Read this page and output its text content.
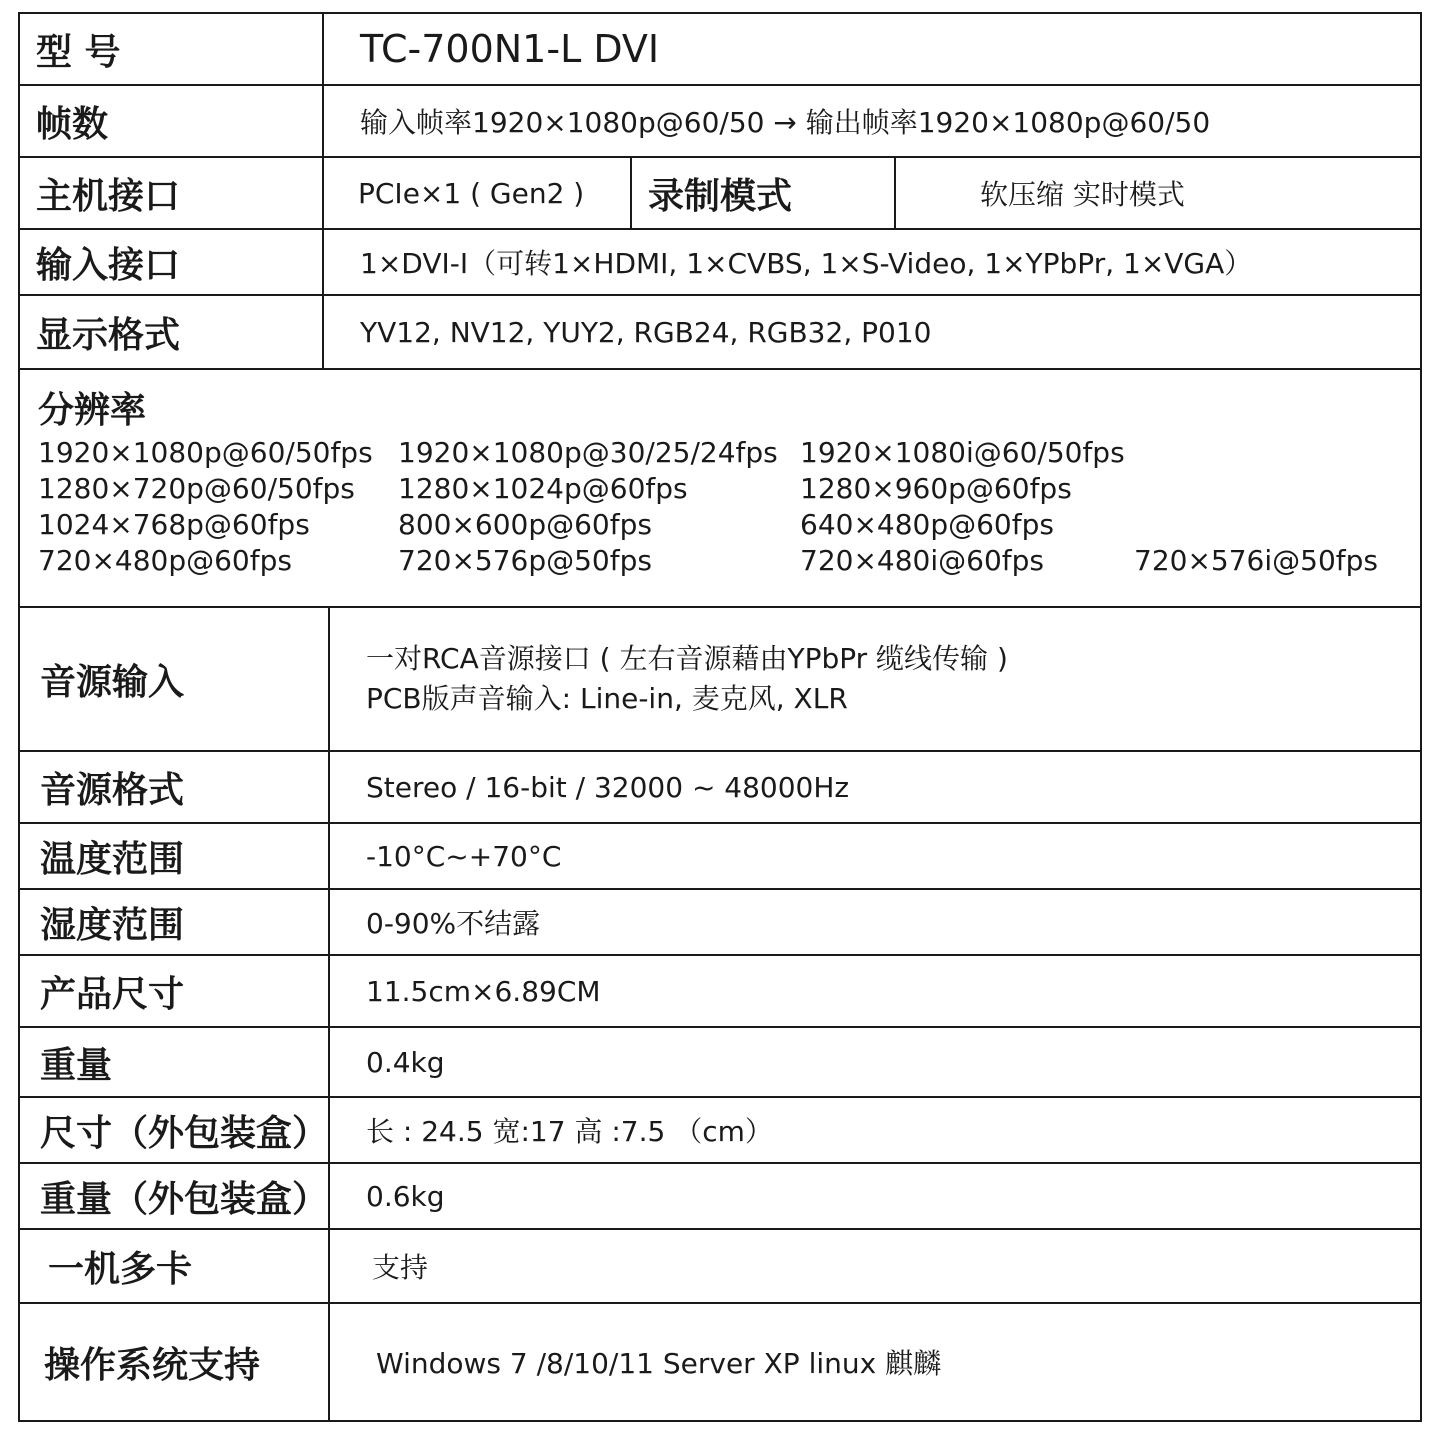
型 号	TC-700N1-L DVI
帧数	输入帧率1920×1080p@60/50 → 输出帧率1920×1080p@60/50
主机接口	PCIe×1 ( Gen2 )	录制模式	软压缩 实时模式
输入接口	1×DVI-I（可转1×HDMI, 1×CVBS, 1×S-Video, 1×YPbPr, 1×VGA）
显示格式	YV12, NV12, YUY2, RGB24, RGB32, P010
分辨率
1920×1080p@60/50fps 1920×1080p@30/25/24fps 1920×1080i@60/50fps
1280×720p@60/50fps 1280×1024p@60fps	1280×960p@60fps
1024×768p@60fps	800×600p@60fps	640×480p@60fps
720×480p@60fps	720×576p@50fps	720×480i@60fps	720×576i@50fps
音源输入
一对RCA音源接口 ( 左右音源藉由YPbPr 缆线传输 )
PCB版声音输入: Line-in, 麦克风, XLR
音源格式	Stereo / 16-bit / 32000 ~ 48000Hz
温度范围	-10°C~+70°C
湿度范围	0-90%不结露
产品尺寸	11.5cm×6.89CM
重量	0.4kg
尺寸（外包装盒）	长 : 24.5 宽:17 高 :7.5 （cm）
重量（外包装盒）	0.6kg
一机多卡	支持
操作系统支持	Windows 7 /8/10/11 Server XP linux 麒麟
